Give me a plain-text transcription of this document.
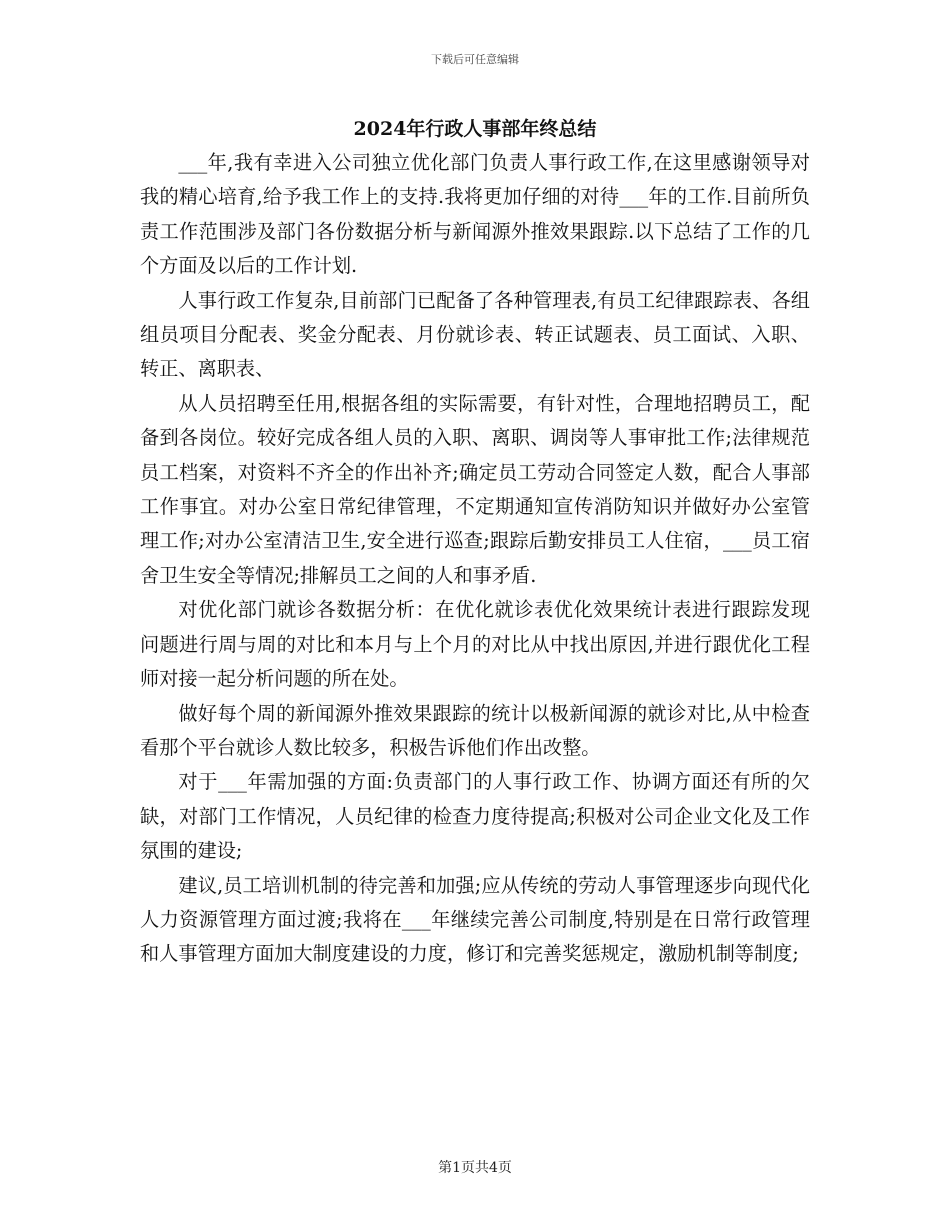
下载后可任意编辑
2024年行政人事部年终总结

___年,我有幸进入公司独立优化部门负责人事行政工作,在这里感谢领导对我的精心培育,给予我工作上的支持.我将更加仔细的对待___年的工作.目前所负责工作范围涉及部门各份数据分析与新闻源外推效果跟踪.以下总结了工作的几个方面及以后的工作计划.

人事行政工作复杂,目前部门已配备了各种管理表,有员工纪律跟踪表、各组组员项目分配表、奖金分配表、月份就诊表、转正试题表、员工面试、入职、转正、离职表、

从人员招聘至任用,根据各组的实际需要，有针对性，合理地招聘员工，配备到各岗位。较好完成各组人员的入职、离职、调岗等人事审批工作;法律规范员工档案，对资料不齐全的作出补齐;确定员工劳动合同签定人数，配合人事部工作事宜。对办公室日常纪律管理，不定期通知宣传消防知识并做好办公室管理工作;对办公室清洁卫生,安全进行巡查;跟踪后勤安排员工人住宿，___员工宿舍卫生安全等情况;排解员工之间的人和事矛盾.

对优化部门就诊各数据分析：在优化就诊表优化效果统计表进行跟踪发现问题进行周与周的对比和本月与上个月的对比从中找出原因,并进行跟优化工程师对接一起分析问题的所在处。

做好每个周的新闻源外推效果跟踪的统计以极新闻源的就诊对比,从中检查看那个平台就诊人数比较多，积极告诉他们作出改整。

对于___年需加强的方面:负责部门的人事行政工作、协调方面还有所的欠缺，对部门工作情况，人员纪律的检查力度待提高;积极对公司企业文化及工作氛围的建设;

建议,员工培训机制的待完善和加强;应从传统的劳动人事管理逐步向现代化人力资源管理方面过渡;我将在___年继续完善公司制度,特别是在日常行政管理和人事管理方面加大制度建设的力度，修订和完善奖惩规定，激励机制等制度;

第1页共4页
